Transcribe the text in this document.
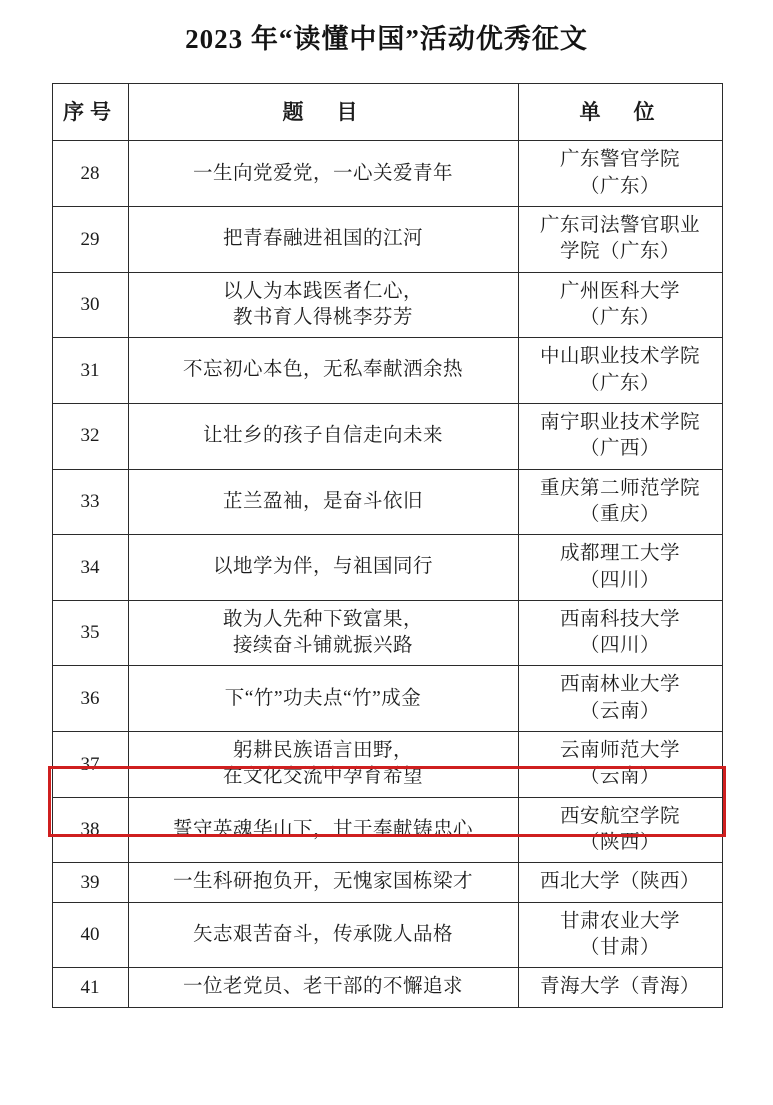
2023 年“读懂中国”活动优秀征文
序号	题　目	单　位
28	一生向党爱党，一心关爱青年	广东警官学院
（广东）

29	把青春融进祖国的江河	广东司法警官职业
学院（广东）

30	以人为本践医者仁心，
教书育人得桃李芬芳	广州医科大学
（广东）

31	不忘初心本色，无私奉献洒余热	中山职业技术学院
（广东）

32	让壮乡的孩子自信走向未来	南宁职业技术学院
（广西）

33	芷兰盈袖，是奋斗依旧	重庆第二师范学院
（重庆）

34	以地学为伴，与祖国同行	成都理工大学
（四川）

35	敢为人先种下致富果，
接续奋斗铺就振兴路	西南科技大学
（四川）

36	下“竹”功夫点“竹”成金	西南林业大学
（云南）

37	躬耕民族语言田野，
在文化交流中孕育希望	云南师范大学
（云南）

38	誓守英魂华山下，甘于奉献铸忠心	西安航空学院
（陕西）

39	一生科研抱负开，无愧家国栋梁才	西北大学（陕西）

40	矢志艰苦奋斗，传承陇人品格	甘肃农业大学
（甘肃）

41	一位老党员、老干部的不懈追求	青海大学（青海）
